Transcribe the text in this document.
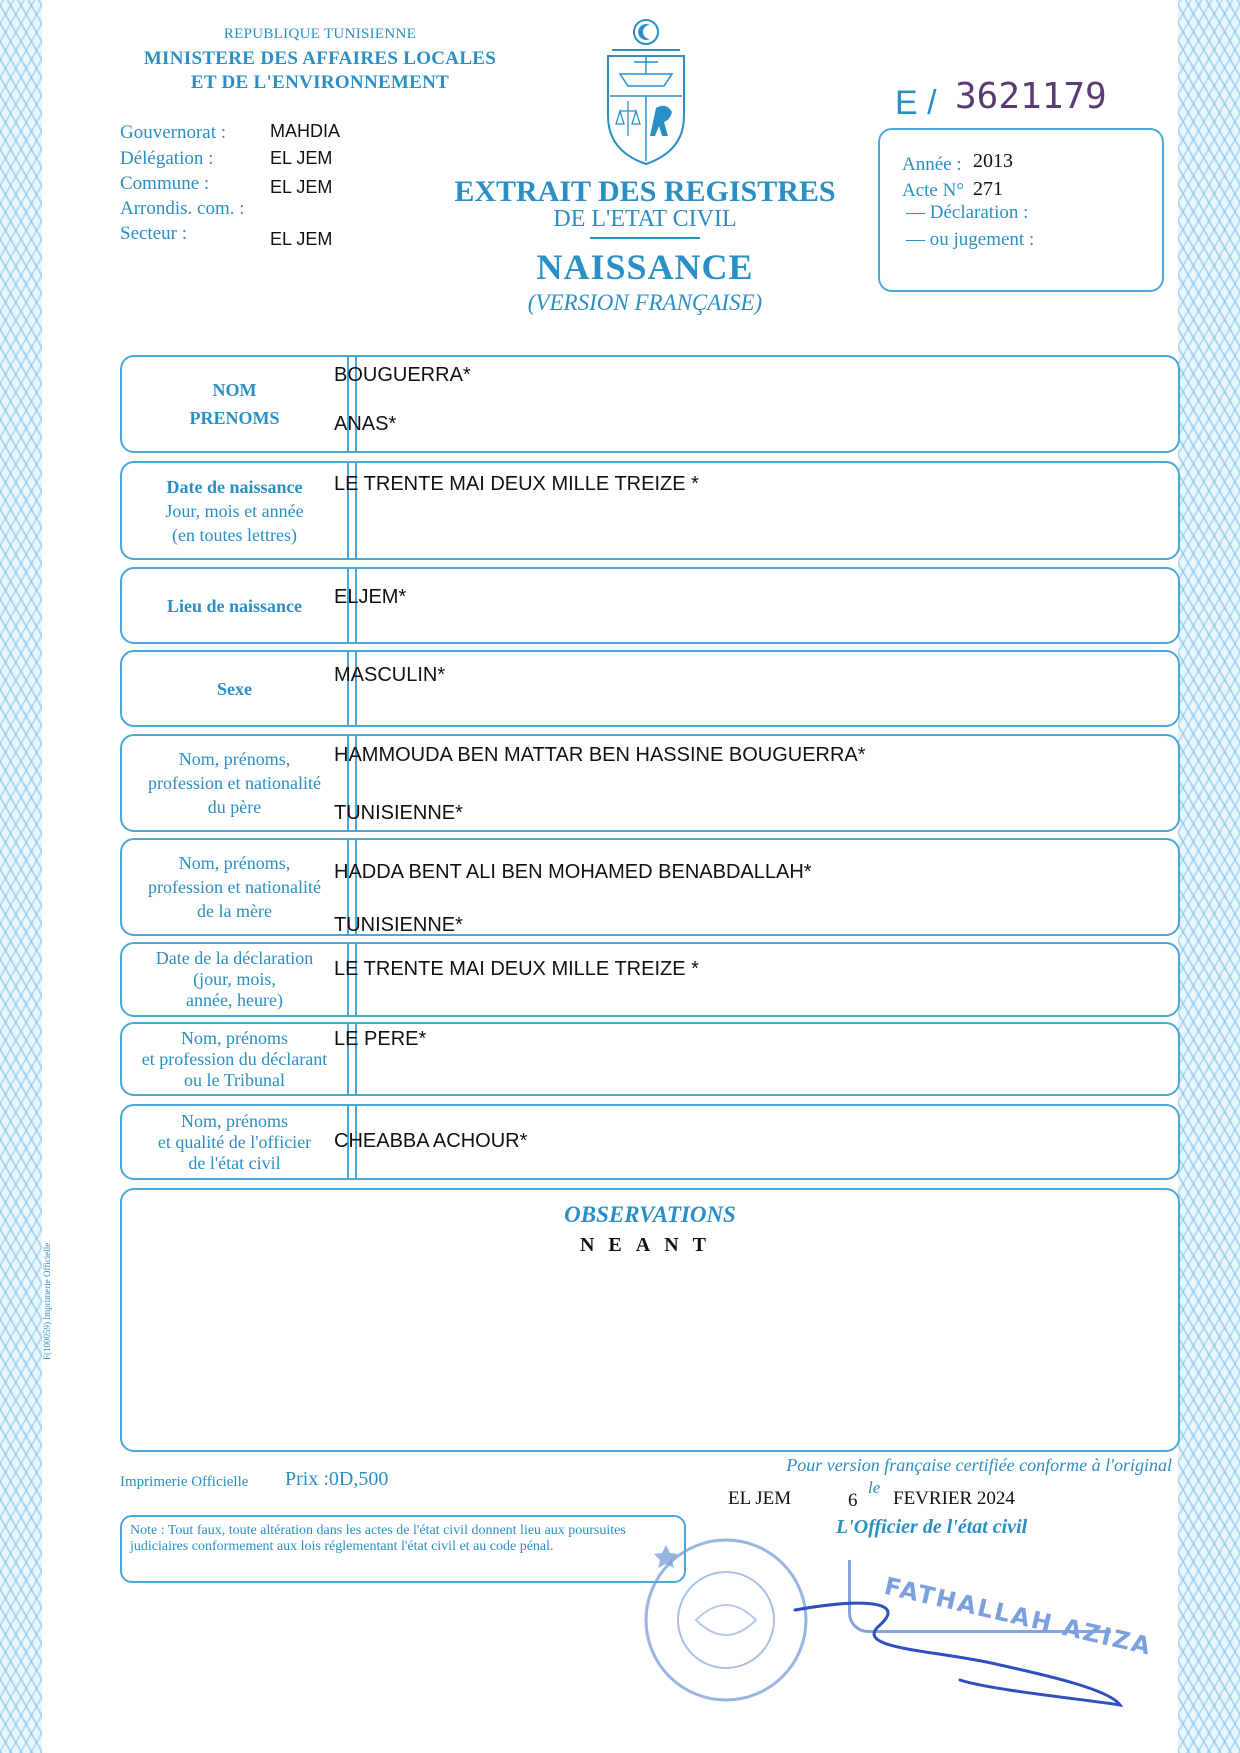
REPUBLIQUE TUNISIENNE
MINISTERE DES AFFAIRES LOCALES
ET DE L'ENVIRONNEMENT
Gouvernorat : MAHDIA
Délégation :	EL JEM
Commune :	EL JEM
Arrondis. com. :
Secteur :	EL JEM
EXTRAIT DES REGISTRES
DE L'ETAT CIVIL
NAISSANCE
(VERSION FRANÇAISE)
E / 3621179
Année : 2013
Acte N° 271
— Déclaration :
— ou jugement :
NOM
PRENOMS
BOUGUERRA*
ANAS*
Date de naissance
Jour, mois et année
(en toutes lettres)
LE TRENTE MAI DEUX MILLE TREIZE *
Lieu de naissance ELJEM*
Sexe
MASCULIN*
Nom, prénoms,
profession et nationalité
du père
HAMMOUDA BEN MATTAR BEN HASSINE BOUGUERRA*
TUNISIENNE*
Nom, prénoms,
profession et nationalité
de la mère
HADDA BENT ALI BEN MOHAMED BENABDALLAH*
TUNISIENNE*
Date de la déclaration
(jour, mois,
année, heure)
LE TRENTE MAI DEUX MILLE TREIZE *
Nom, prénoms
et profession du déclarant
ou le Tribunal
LE PERE*
Nom, prénoms
et qualité de l'officier
de l'état civil
CHEABBA ACHOUR*
OBSERVATIONS
NEANT
F(100059) Imprimerie Officielle
Imprimerie Officielle Prix :0D,500
Pour version française certifiée conforme à l'original
EL JEM	6
le
FEVRIER 2024
L'Officier de l'état civil
Note : Tout faux, toute altération dans les actes de l'état civil donnent lieu aux poursuites judiciaires conformement aux lois réglementant l'état civil et au code pénal.
FATHALLAH AZIZA
